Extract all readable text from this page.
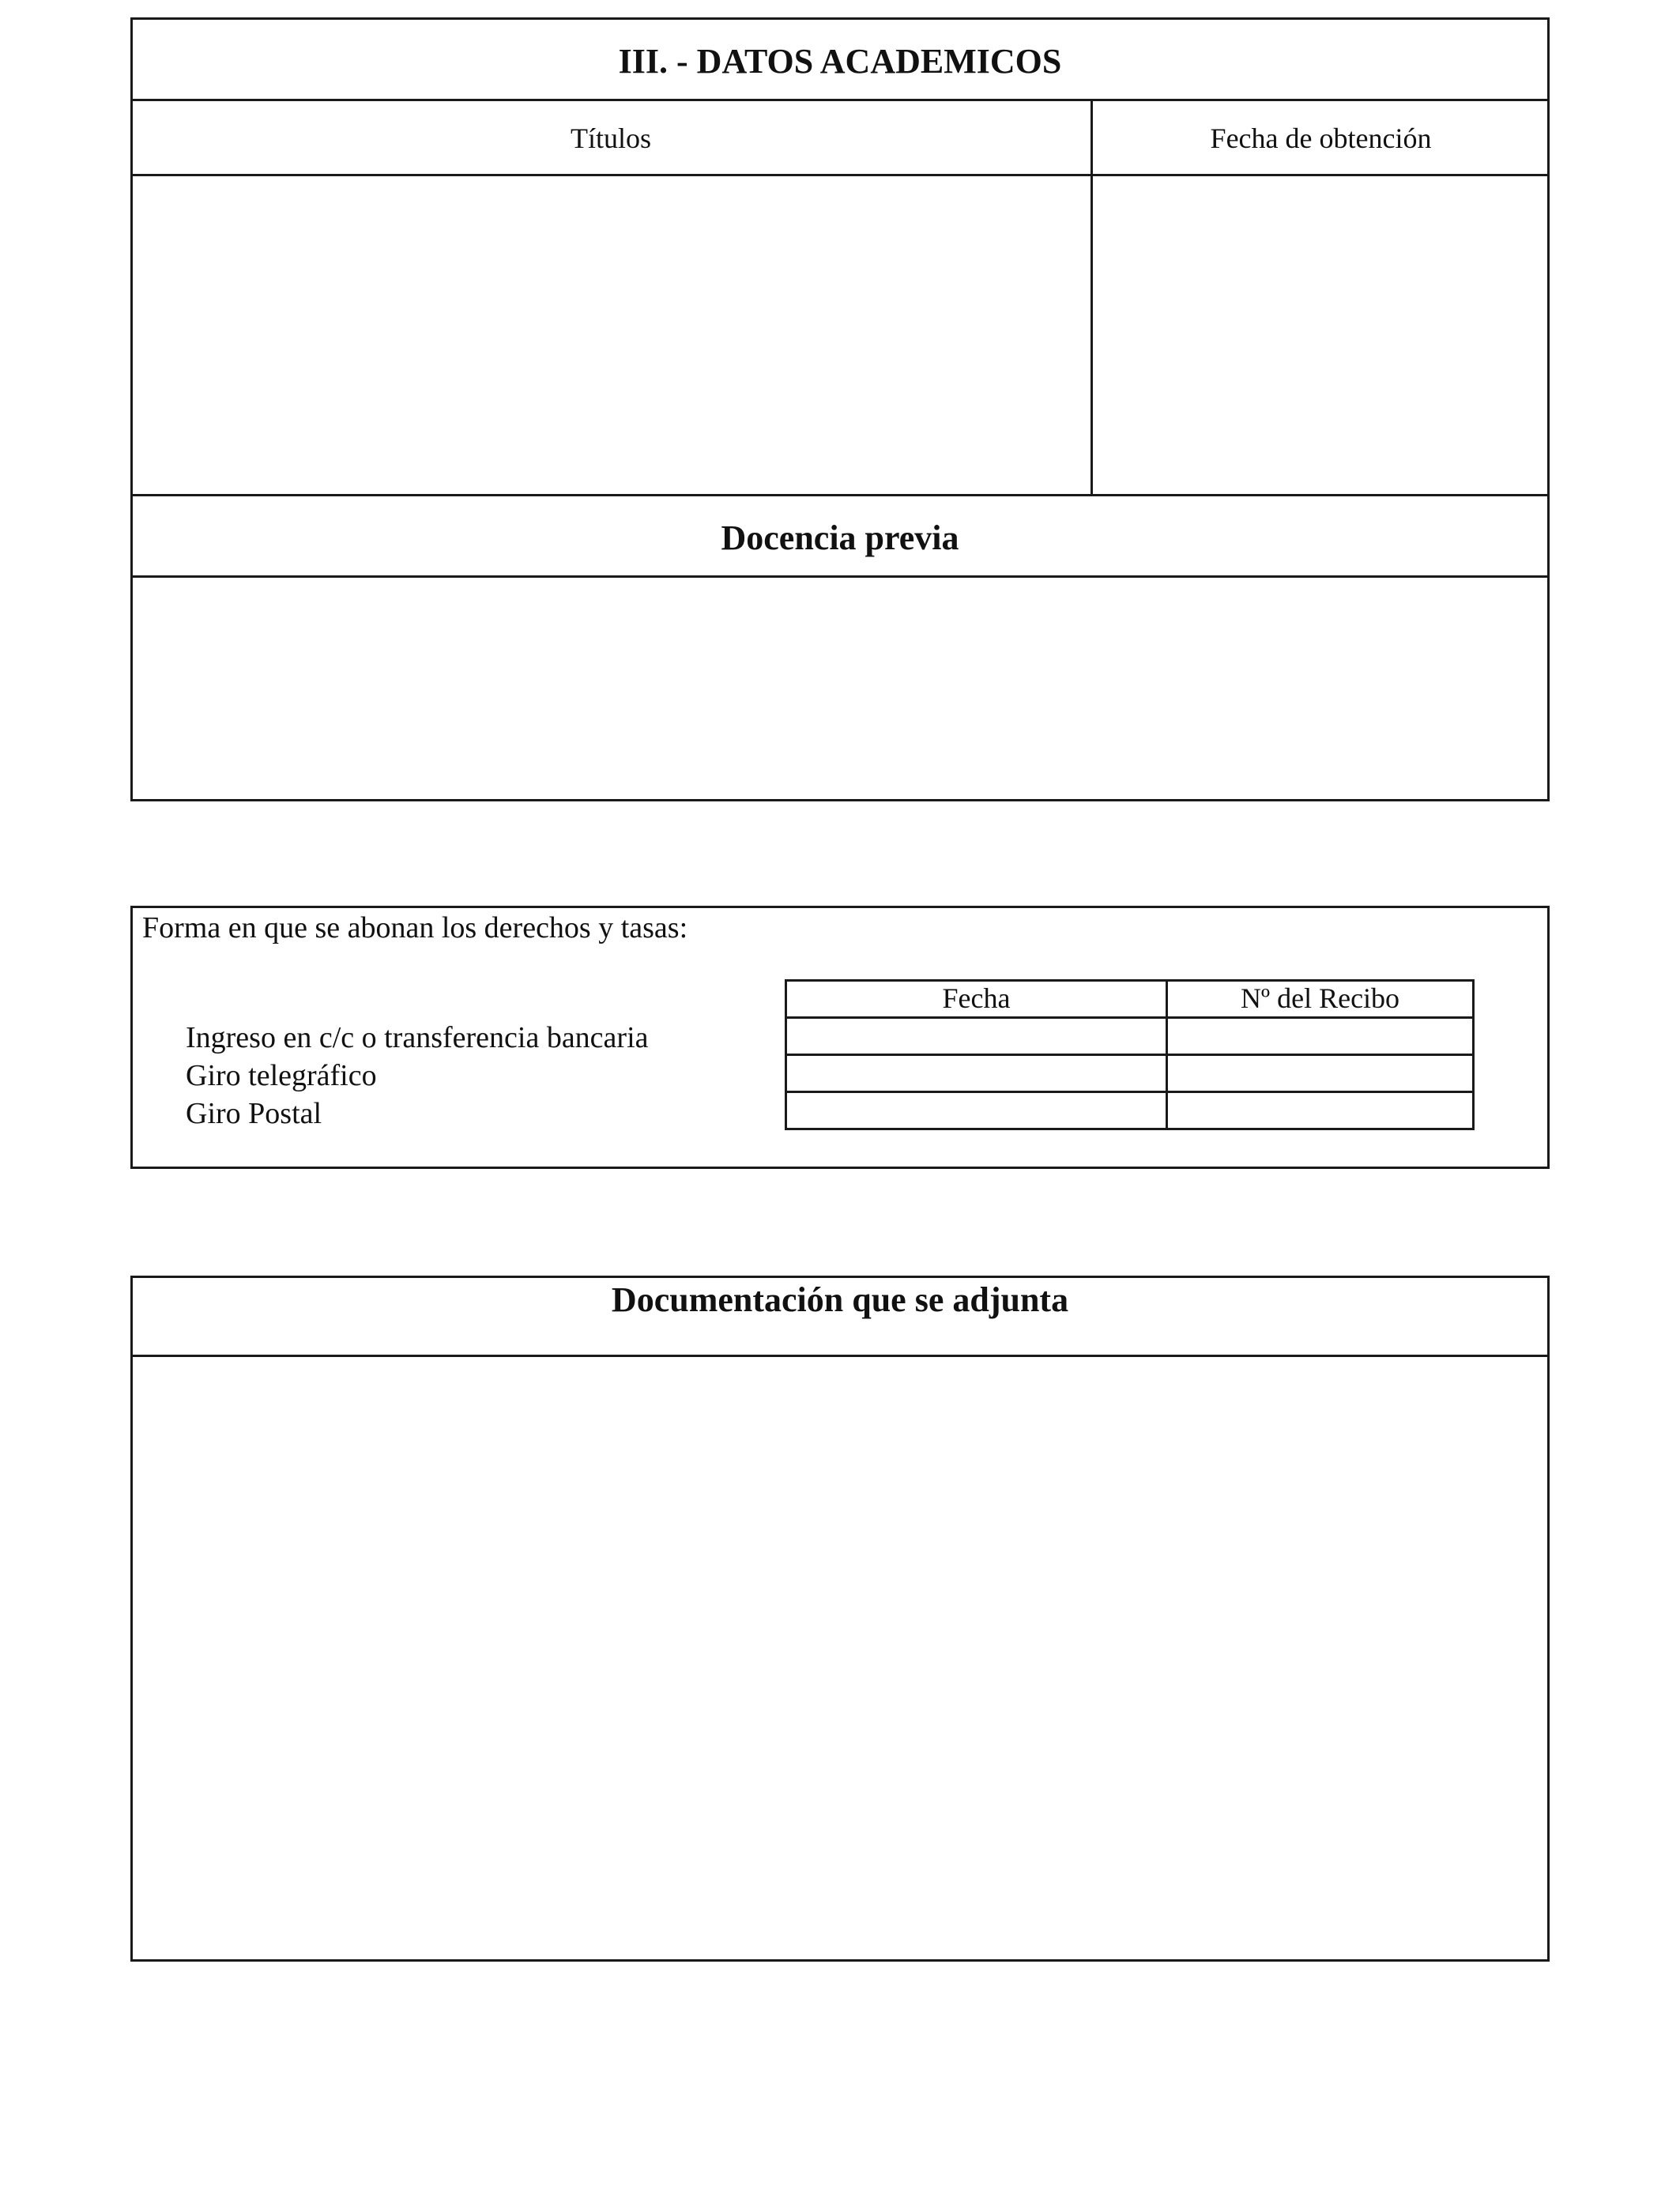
III. - DATOS ACADEMICOS
Títulos	Fecha de obtención
Docencia previa
Forma en que se abonan los derechos y tasas:
Ingreso en c/c o transferencia bancaria
Giro telegráfico
Giro Postal
Fecha	Nº del Recibo
Documentación que se adjunta
